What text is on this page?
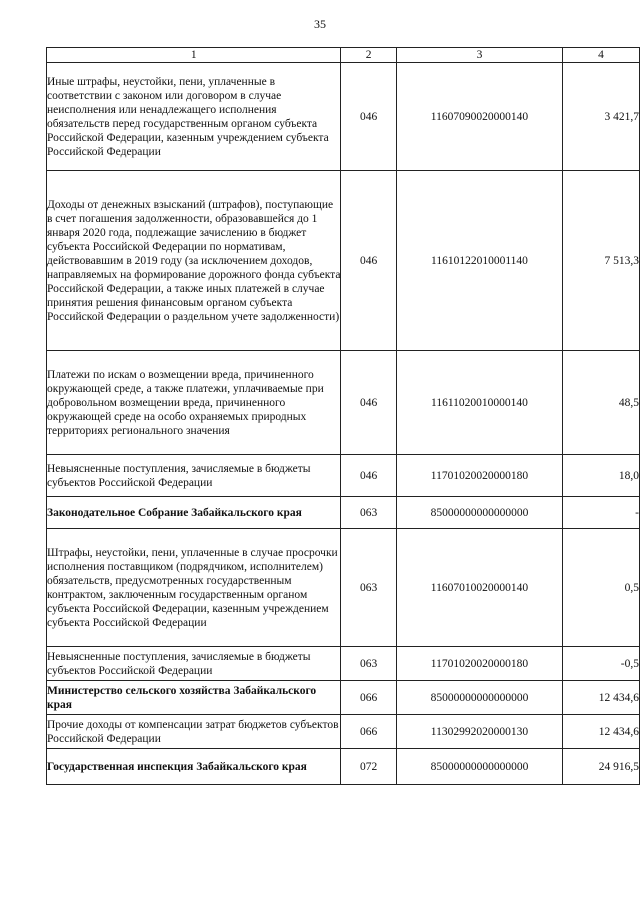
35
1	2	3	4
Иные штрафы, неустойки, пени, уплаченные в соответствии с законом или договором в случае неисполнения или ненадлежащего исполнения обязательств перед государственным органом субъекта Российской Федерации, казенным учреждением субъекта Российской Федерации	046	11607090020000140	3 421,7
Доходы от денежных взысканий (штрафов), поступающие в счет погашения задолженности, образовавшейся до 1 января 2020 года, подлежащие зачислению в бюджет субъекта Российской Федерации по нормативам, действовавшим в 2019 году (за исключением доходов, направляемых на формирование дорожного фонда субъекта Российской Федерации, а также иных платежей в случае принятия решения финансовым органом субъекта Российской Федерации о раздельном учете задолженности)	046	11610122010001140	7 513,3
Платежи по искам о возмещении вреда, причиненного окружающей среде, а также платежи, уплачиваемые при добровольном возмещении вреда, причиненного окружающей среде на особо охраняемых природных территориях регионального значения	046	11611020010000140	48,5
Невыясненные поступления, зачисляемые в бюджеты субъектов Российской Федерации	046	11701020020000180	18,0
Законодательное Собрание Забайкальского края	063	85000000000000000	-
Штрафы, неустойки, пени, уплаченные в случае просрочки исполнения поставщиком (подрядчиком, исполнителем) обязательств, предусмотренных государственным контрактом, заключенным государственным органом субъекта Российской Федерации, казенным учреждением субъекта Российской Федерации	063	11607010020000140	0,5
Невыясненные поступления, зачисляемые в бюджеты субъектов Российской Федерации	063	11701020020000180	-0,5
Министерство сельского хозяйства Забайкальского края	066	85000000000000000	12 434,6
Прочие доходы от компенсации затрат бюджетов субъектов Российской Федерации	066	11302992020000130	12 434,6
Государственная инспекция Забайкальского края	072	85000000000000000	24 916,5
